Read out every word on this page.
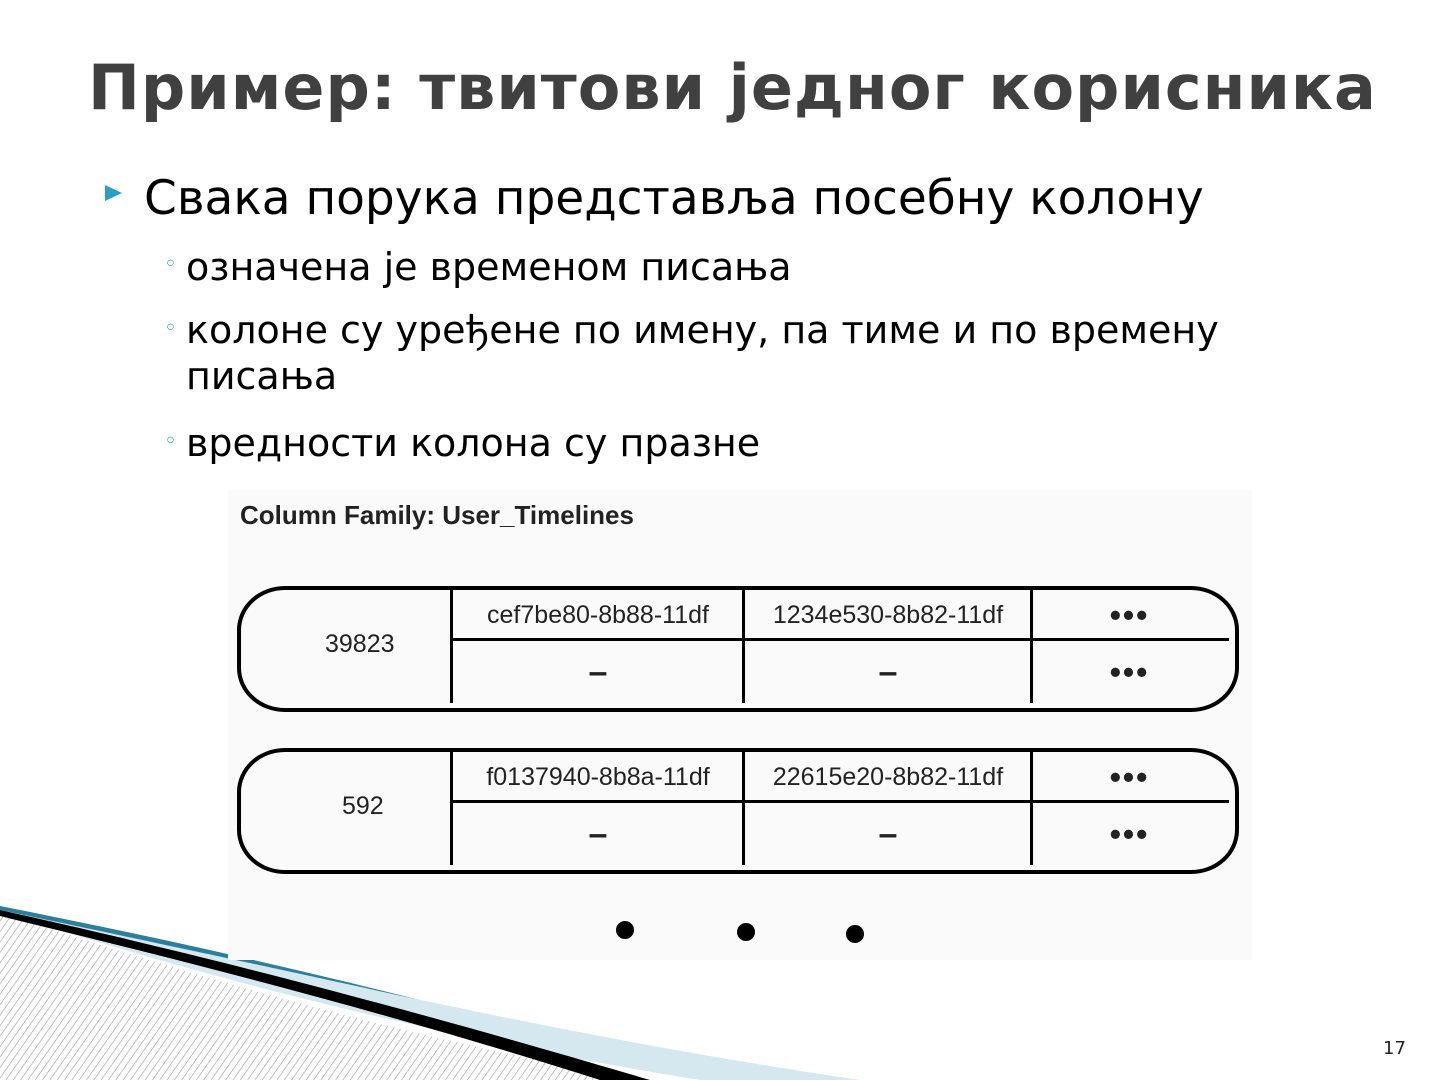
Пример: твитови једног корисника
Свака порука представља посебну колону
◦ означена је временом писања
◦ колоне су уређене по имену, па тиме и по времену писања
◦ вредности колона су празне
Column Family: User_Timelines
39823
cef7be80-8b88-11df	1234e530-8b82-11df	•••
–	–	•••
592
f0137940-8b8a-11df	22615e20-8b82-11df	•••
–	–	•••
17
